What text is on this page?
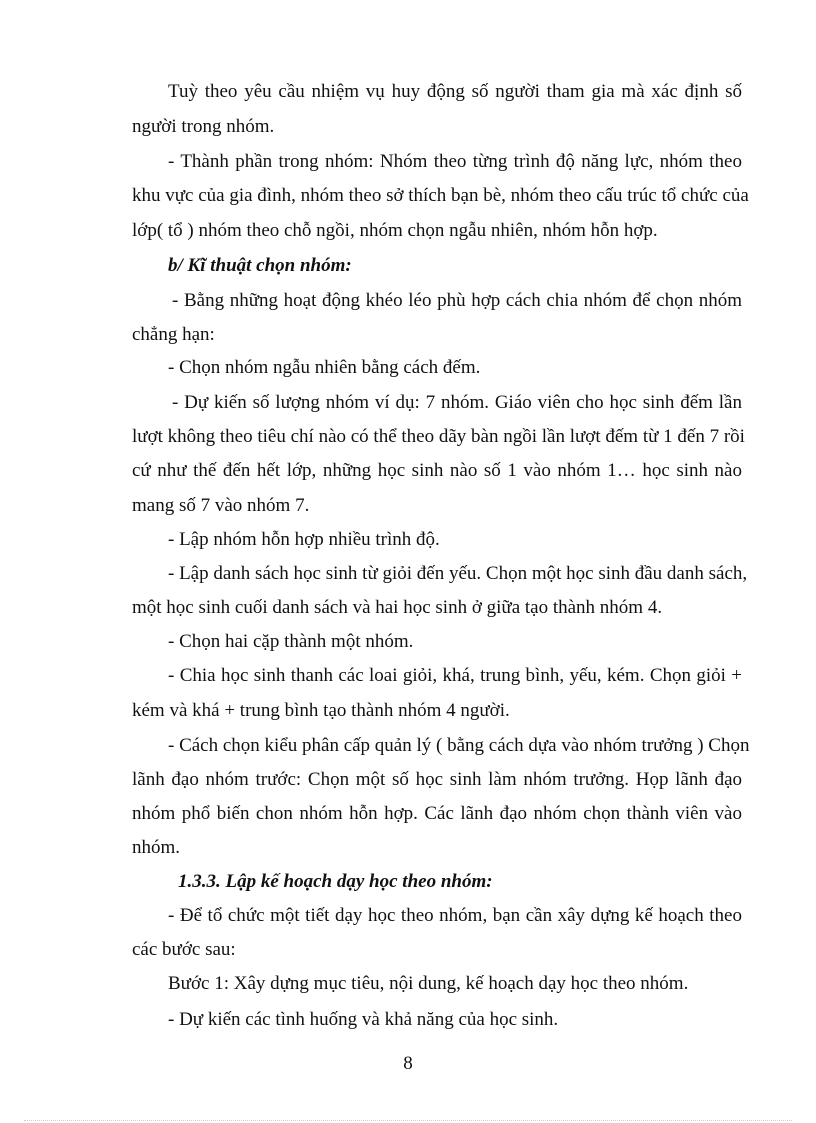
Tuỳ theo yêu cầu nhiệm vụ huy động số người tham gia mà xác định số
người trong nhóm.
- Thành phần trong nhóm: Nhóm theo từng trình độ năng lực, nhóm theo
khu vực của gia đình, nhóm theo sở thích bạn bè, nhóm theo cấu trúc tổ chức của
lớp( tổ ) nhóm theo chỗ ngồi, nhóm chọn ngẫu nhiên, nhóm hỗn hợp.
b/ Kĩ thuật chọn nhóm:
- Bằng những hoạt động khéo léo phù hợp cách chia nhóm để chọn nhóm
chẳng hạn:
- Chọn nhóm ngẫu nhiên bằng cách đếm.
- Dự kiến số lượng nhóm ví dụ: 7 nhóm. Giáo viên cho học sinh đếm lần
lượt không theo tiêu chí nào có thể theo dãy bàn ngồi lần lượt đếm từ 1 đến 7 rồi
cứ như thế đến hết lớp, những học sinh nào số 1 vào nhóm 1… học sinh nào
mang số 7 vào nhóm 7.
- Lập nhóm hỗn hợp nhiều trình độ.
- Lập danh sách học sinh từ giỏi đến yếu. Chọn một học sinh đầu danh sách,
một học sinh cuối danh sách và hai học sinh ở giữa tạo thành nhóm 4.
- Chọn hai cặp thành một nhóm.
- Chia học sinh thanh các loai giỏi, khá, trung bình, yếu, kém. Chọn giỏi +
kém và khá + trung bình tạo thành nhóm 4 người.
- Cách chọn kiểu phân cấp quản lý ( bằng cách dựa vào nhóm trưởng ) Chọn
lãnh đạo nhóm trước: Chọn một số học sinh làm nhóm trưởng. Họp lãnh đạo
nhóm phổ biến chon nhóm hỗn hợp. Các lãnh đạo nhóm chọn thành viên vào
nhóm.
1.3.3. Lập kế hoạch dạy học theo nhóm:
- Để tổ chức một tiết dạy học theo nhóm, bạn cần xây dựng kế hoạch theo
các bước sau:
Bước 1: Xây dựng mục tiêu, nội dung, kế hoạch dạy học theo nhóm.
- Dự kiến các tình huống và khả năng của học sinh.
8
